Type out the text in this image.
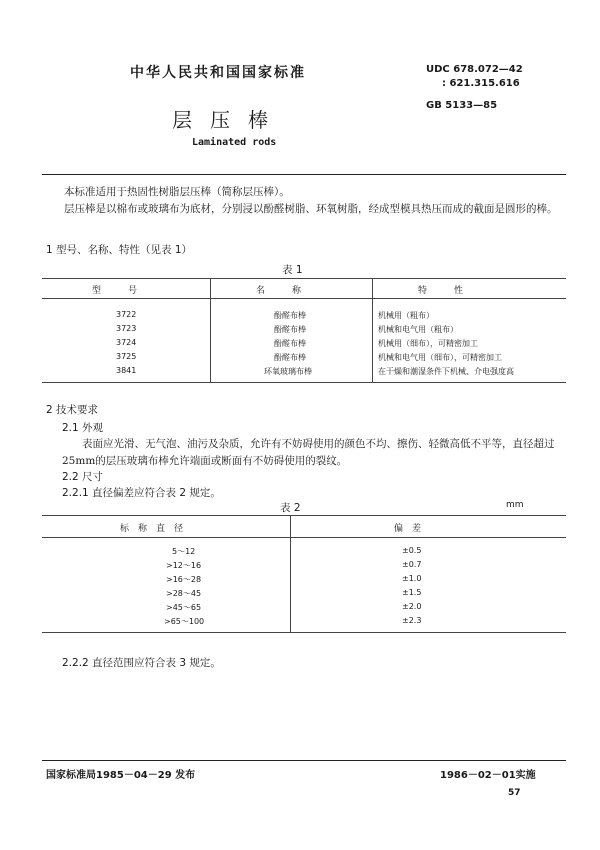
中华人民共和国国家标准	UDC 678.072—42
: 621.315.616
GB 5133—85
层压棒
Laminated rods
本标准适用于热固性树脂层压棒（简称层压棒）。
层压棒是以棉布或玻璃布为底材，分别浸以酚醛树脂、环氧树脂，经成型模具热压而成的截面是圆形的棒。
1 型号、名称、特性（见表 1）
表 1
型　　　号	名　　　称	特　　　性
3722	酚醛布棒	机械用（粗布）
3723	酚醛布棒	机械和电气用（粗布）
3724	酚醛布棒	机械用（细布），可精密加工
3725	酚醛布棒	机械和电气用（细布），可精密加工
3841	环氧玻璃布棒	在干燥和潮湿条件下机械、介电强度高
2 技术要求
2.1 外观
表面应光滑、无气泡、油污及杂质，允许有不妨碍使用的颜色不均、擦伤、轻微高低不平等，直径超过25mm的层压玻璃布棒允许端面或断面有不妨碍使用的裂纹。
2.2 尺寸
2.2.1 直径偏差应符合表 2 规定。
表 2	mm
标　称　直　径	偏　差
5～12	±0.5
>12～16	±0.7
>16～28	±1.0
>28～45	±1.5
>45～65	±2.0
>65～100	±2.3
2.2.2 直径范围应符合表 3 规定。
国家标准局1985－04－29 发布	1986－02－01实施
57
